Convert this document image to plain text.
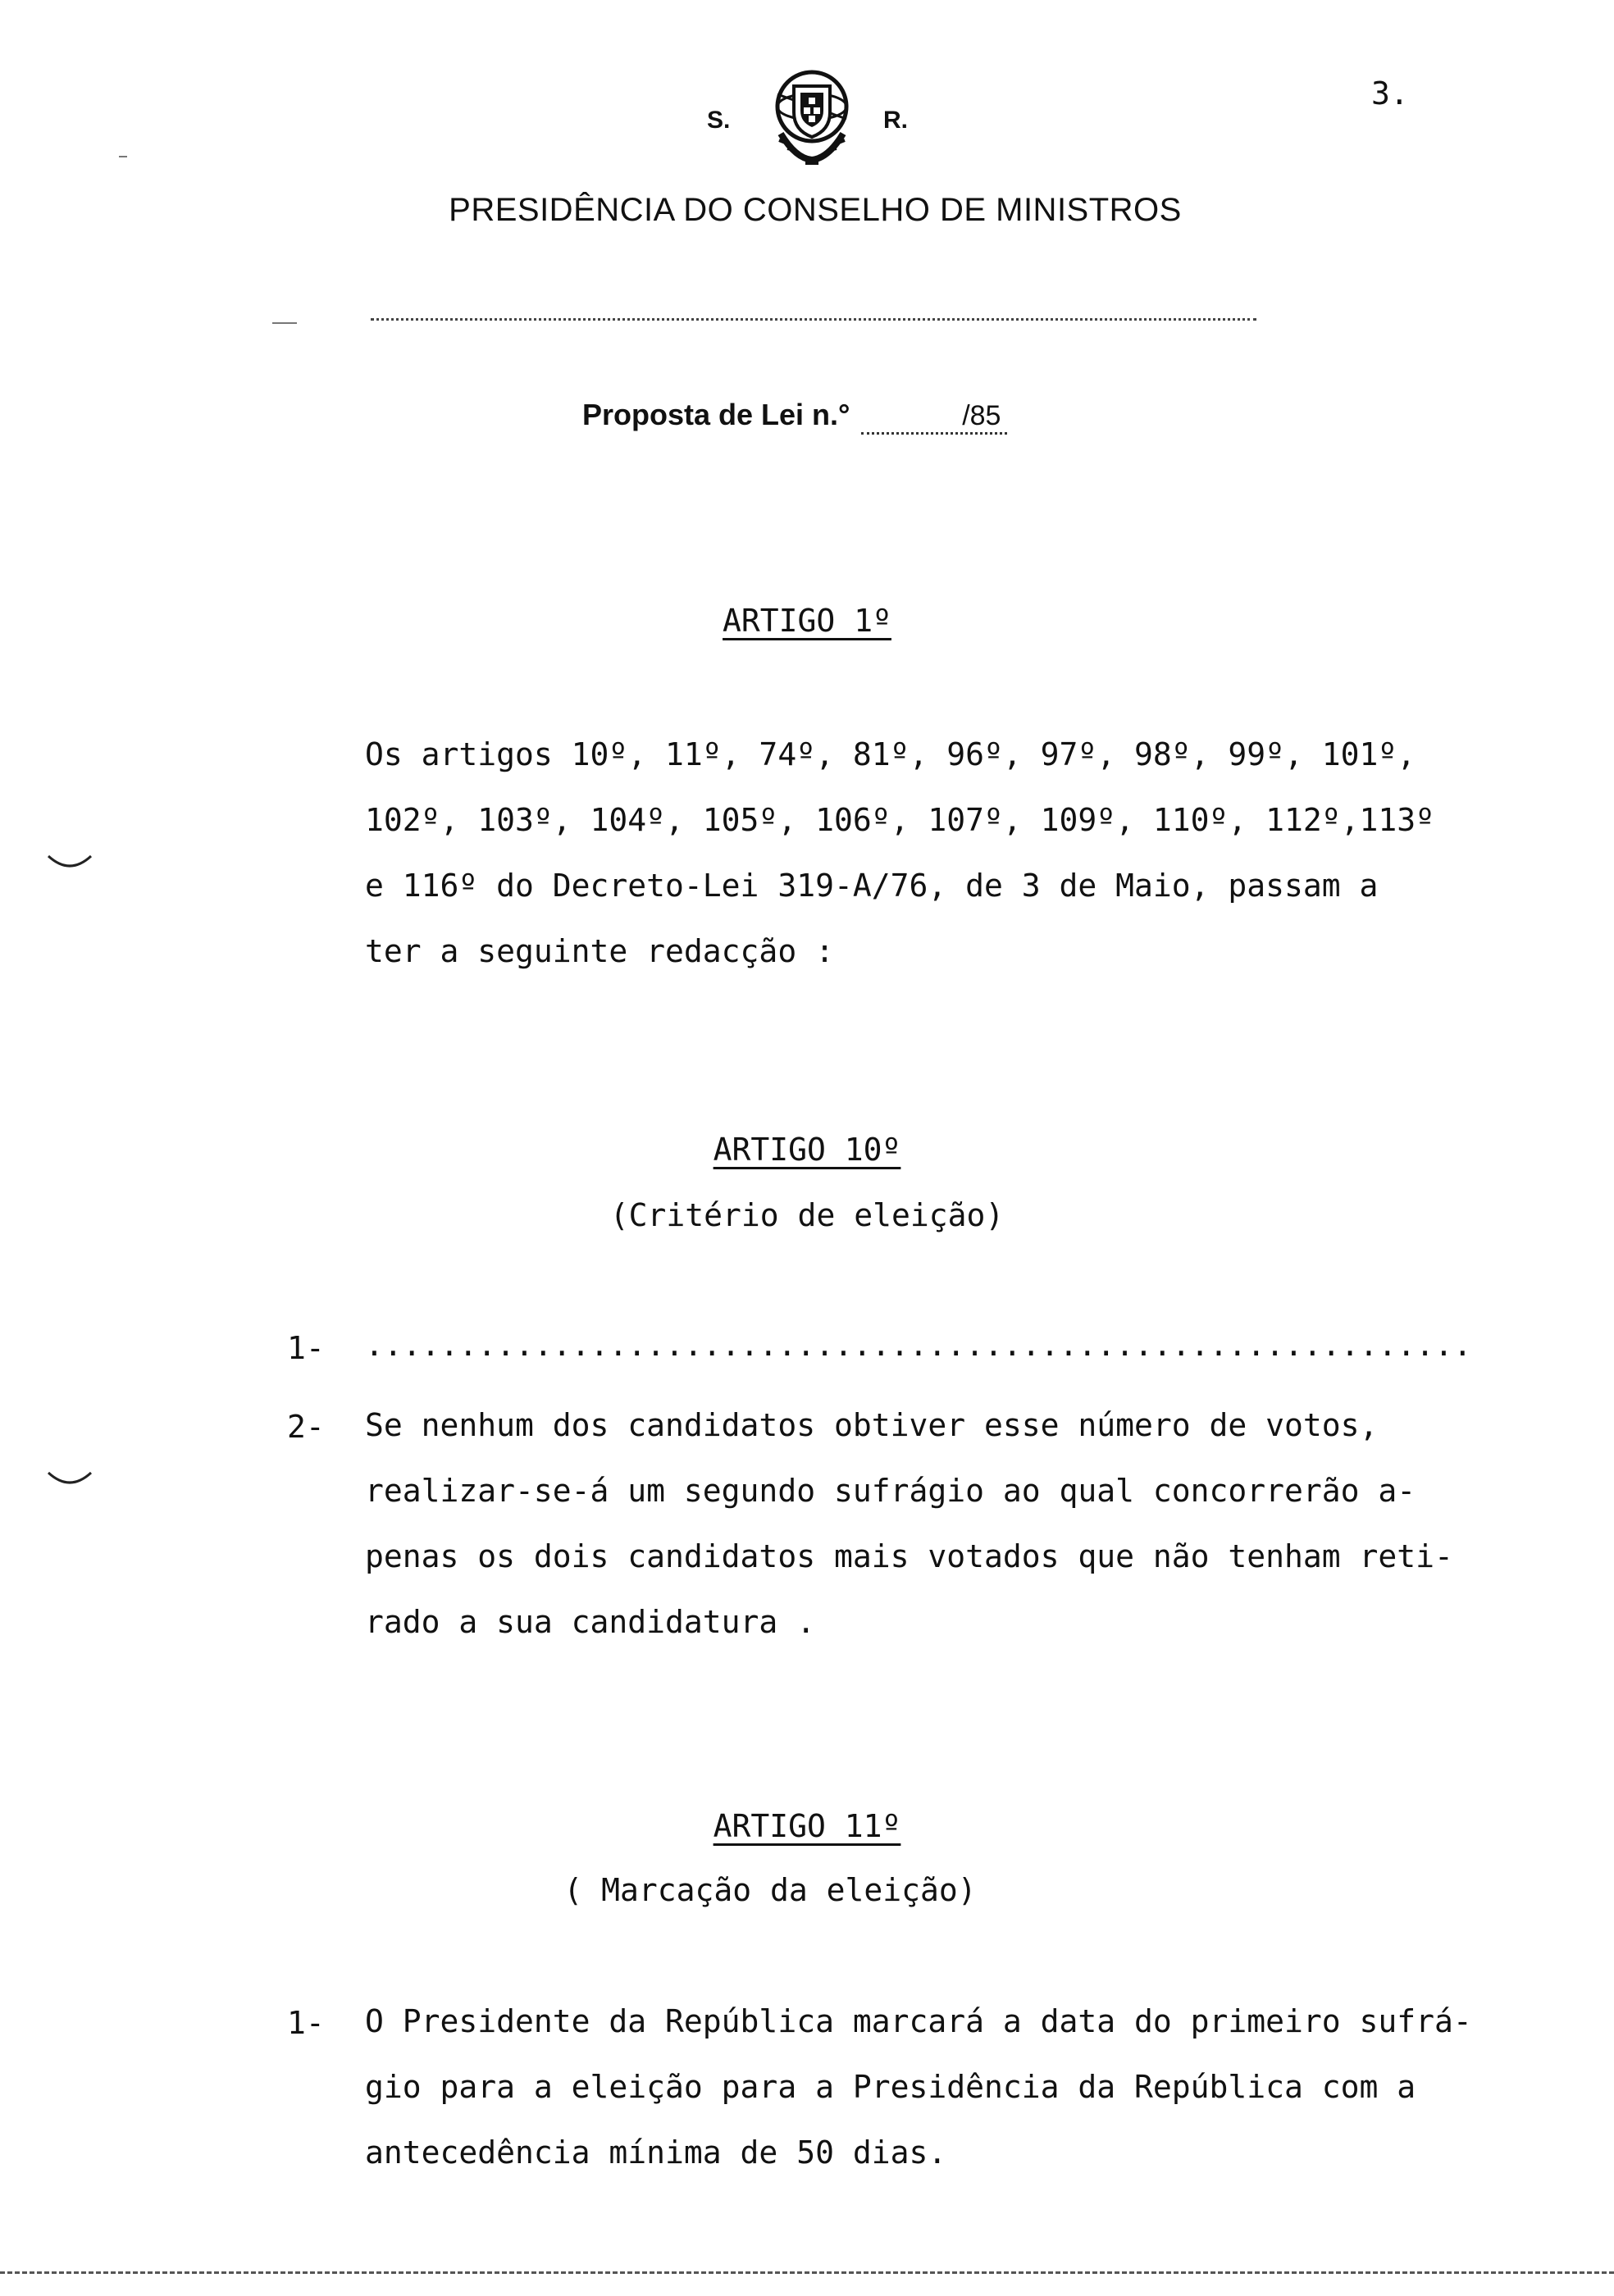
3.
S.	R.
PRESIDÊNCIA DO CONSELHO DE MINISTROS
Proposta de Lei n.°	/85
ARTIGO 1º
Os artigos 10º, 11º, 74º, 81º, 96º, 97º, 98º, 99º, 101º,
102º, 103º, 104º, 105º, 106º, 107º, 109º, 110º, 112º,113º
e 116º do Decreto-Lei 319-A/76, de 3 de Maio, passam a
ter a seguinte redacção :
ARTIGO 10º
(Critério de eleição)
1- ...........................................................
2- Se nenhum dos candidatos obtiver esse número de votos,
realizar-se-á um segundo sufrágio ao qual concorrerão a-
penas os dois candidatos mais votados que não tenham reti-
rado a sua candidatura .
ARTIGO 11º
( Marcação da eleição)
1- O Presidente da República marcará a data do primeiro sufrá-
gio para a eleição para a Presidência da República com a
antecedência mínima de 50 dias.
